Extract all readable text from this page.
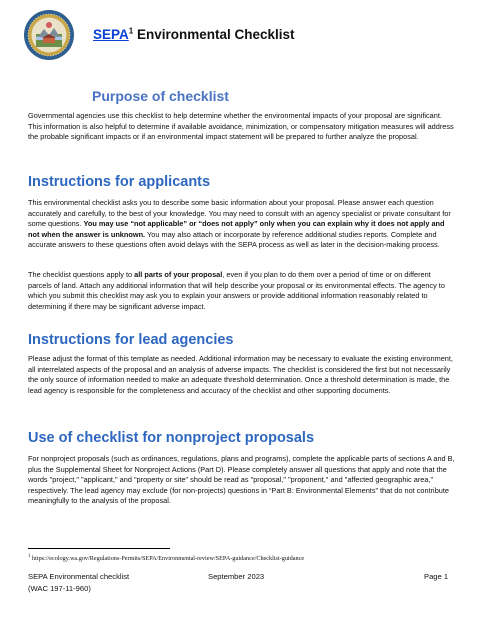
SEPA$^1$ Environmental Checklist
Purpose of checklist

Governmental agencies use this checklist to help determine whether the environmental impacts of your proposal are significant. This information is also helpful to determine if available avoidance, minimization, or compensatory mitigation measures will address the probable significant impacts or if an environmental impact statement will be prepared to further analyze the proposal.

Instructions for applicants

This environmental checklist asks you to describe some basic information about your proposal. Please answer each question accurately and carefully, to the best of your knowledge. You may need to consult with an agency specialist or private consultant for some questions. You may use “not applicable” or “does not apply” only when you can explain why it does not apply and not when the answer is unknown. You may also attach or incorporate by reference additional studies reports. Complete and accurate answers to these questions often avoid delays with the SEPA process as well as later in the decision-making process.

The checklist questions apply to all parts of your proposal, even if you plan to do them over a period of time or on different parcels of land. Attach any additional information that will help describe your proposal or its environmental effects. The agency to which you submit this checklist may ask you to explain your answers or provide additional information reasonably related to determining if there may be significant adverse impact.

Instructions for lead agencies

Please adjust the format of this template as needed. Additional information may be necessary to evaluate the existing environment, all interrelated aspects of the proposal and an analysis of adverse impacts. The checklist is considered the first but not necessarily the only source of information needed to make an adequate threshold determination. Once a threshold determination is made, the lead agency is responsible for the completeness and accuracy of the checklist and other supporting documents.

Use of checklist for nonproject proposals

For nonproject proposals (such as ordinances, regulations, plans and programs), complete the applicable parts of sections A and B, plus the Supplemental Sheet for Nonproject Actions (Part D). Please completely answer all questions that apply and note that the words "project," "applicant," and "property or site" should be read as "proposal," "proponent," and "affected geographic area," respectively. The lead agency may exclude (for non-projects) questions in “Part B: Environmental Elements” that do not contribute meaningfully to the analysis of the proposal.

$^1$ https://ecology.wa.gov/Regulations-Permits/SEPA/Environmental-review/SEPA-guidance/Checklist-guidance
SEPA Environmental checklist
(WAC 197-11-960)
September 2023	Page 1
